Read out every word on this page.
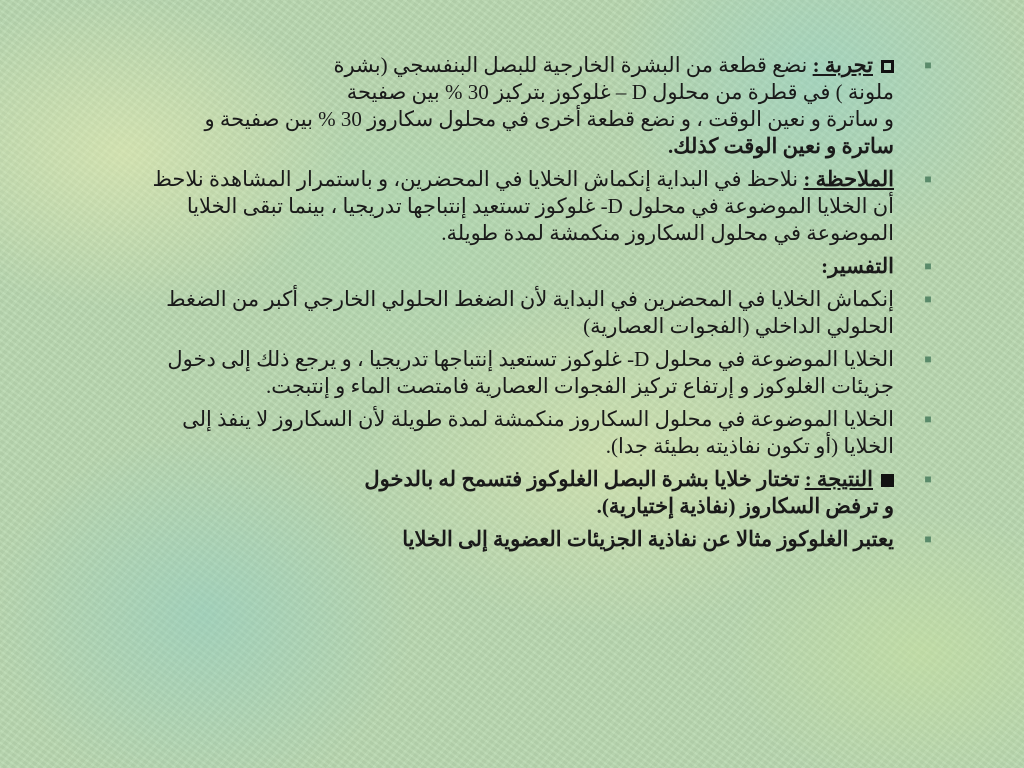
■
تجربة : نضع قطعة من البشرة الخارجية للبصل البنفسجي (بشرة
ملونة ) في قطرة من محلول D – غلوكوز بتركيز 30 % بين صفيحة
و ساترة و نعين الوقت ، و نضع قطعة أخرى في محلول سكاروز 30 % بين صفيحة و
ساترة و نعين الوقت كذلك.
■
الملاحظة : نلاحظ في البداية إنكماش الخلايا في المحضرين، و باستمرار المشاهدة نلاحظ
أن الخلايا الموضوعة في محلول D- غلوكوز تستعيد إنتباجها تدريجيا ، بينما تبقى الخلايا
الموضوعة في محلول السكاروز منكمشة لمدة طويلة.
■
التفسير:
■
إنكماش الخلايا في المحضرين في البداية لأن الضغط الحلولي الخارجي أكبر من الضغط
الحلولي الداخلي (الفجوات العصارية)
■
الخلايا الموضوعة في محلول D- غلوكوز تستعيد إنتباجها تدريجيا ، و يرجع ذلك إلى دخول
جزيئات الغلوكوز و إرتفاع تركيز الفجوات العصارية فامتصت الماء و إنتبجت.
■
الخلايا الموضوعة في محلول السكاروز منكمشة لمدة طويلة لأن السكاروز لا ينفذ إلى
الخلايا (أو تكون نفاذيته بطيئة جدا).
■
النتيجة : تختار خلايا بشرة البصل الغلوكوز فتسمح له بالدخول
و ترفض السكاروز (نفاذية إختيارية).
■
يعتبر الغلوكوز مثالا عن نفاذية الجزيئات العضوية إلى الخلايا
